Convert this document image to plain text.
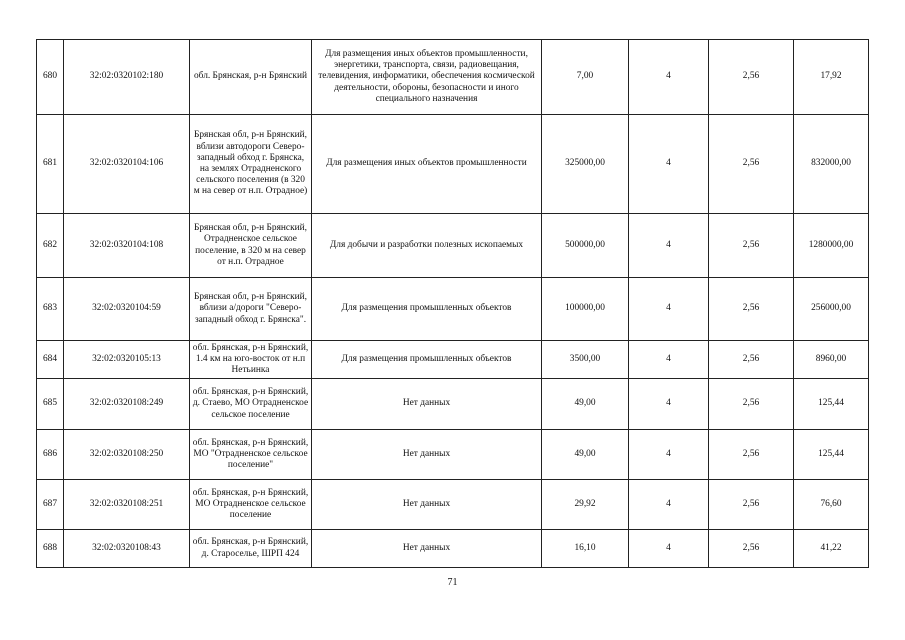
680	32:02:0320102:180	обл. Брянская, р-н Брянский	Для размещения иных объектов промышленности, энергетики, транспорта, связи, радиовещания, телевидения, информатики, обеспечения космической деятельности, обороны, безопасности и иного специального назначения	7,00	4	2,56	17,92
681	32:02:0320104:106	Брянская обл, р-н Брянский, вблизи автодороги Северо-западный обход г. Брянска, на землях Отрадненского сельского поселения (в 320 м на север от н.п. Отрадное)	Для размещения иных объектов промышленности	325000,00	4	2,56	832000,00
682	32:02:0320104:108	Брянская обл, р-н Брянский, Отрадненское сельское поселение, в 320 м на север от н.п. Отрадное	Для добычи и разработки полезных ископаемых	500000,00	4	2,56	1280000,00
683	32:02:0320104:59	Брянская обл, р-н Брянский, вблизи а/дороги "Северо-западный обход г. Брянска".	Для размещения промышленных объектов	100000,00	4	2,56	256000,00
684	32:02:0320105:13	обл. Брянская, р-н Брянский, 1.4 км на юго-восток от н.п Нетьинка	Для размещения промышленных объектов	3500,00	4	2,56	8960,00
685	32:02:0320108:249	обл. Брянская, р-н Брянский, д. Стаево, МО Отрадненское сельское поселение	Нет данных	49,00	4	2,56	125,44
686	32:02:0320108:250	обл. Брянская, р-н Брянский, МО "Отрадненское сельское поселение"	Нет данных	49,00	4	2,56	125,44
687	32:02:0320108:251	обл. Брянская, р-н Брянский, МО Отрадненское сельское поселение	Нет данных	29,92	4	2,56	76,60
688	32:02:0320108:43	обл. Брянская, р-н Брянский, д. Староселье, ШРП 424	Нет данных	16,10	4	2,56	41,22
71
